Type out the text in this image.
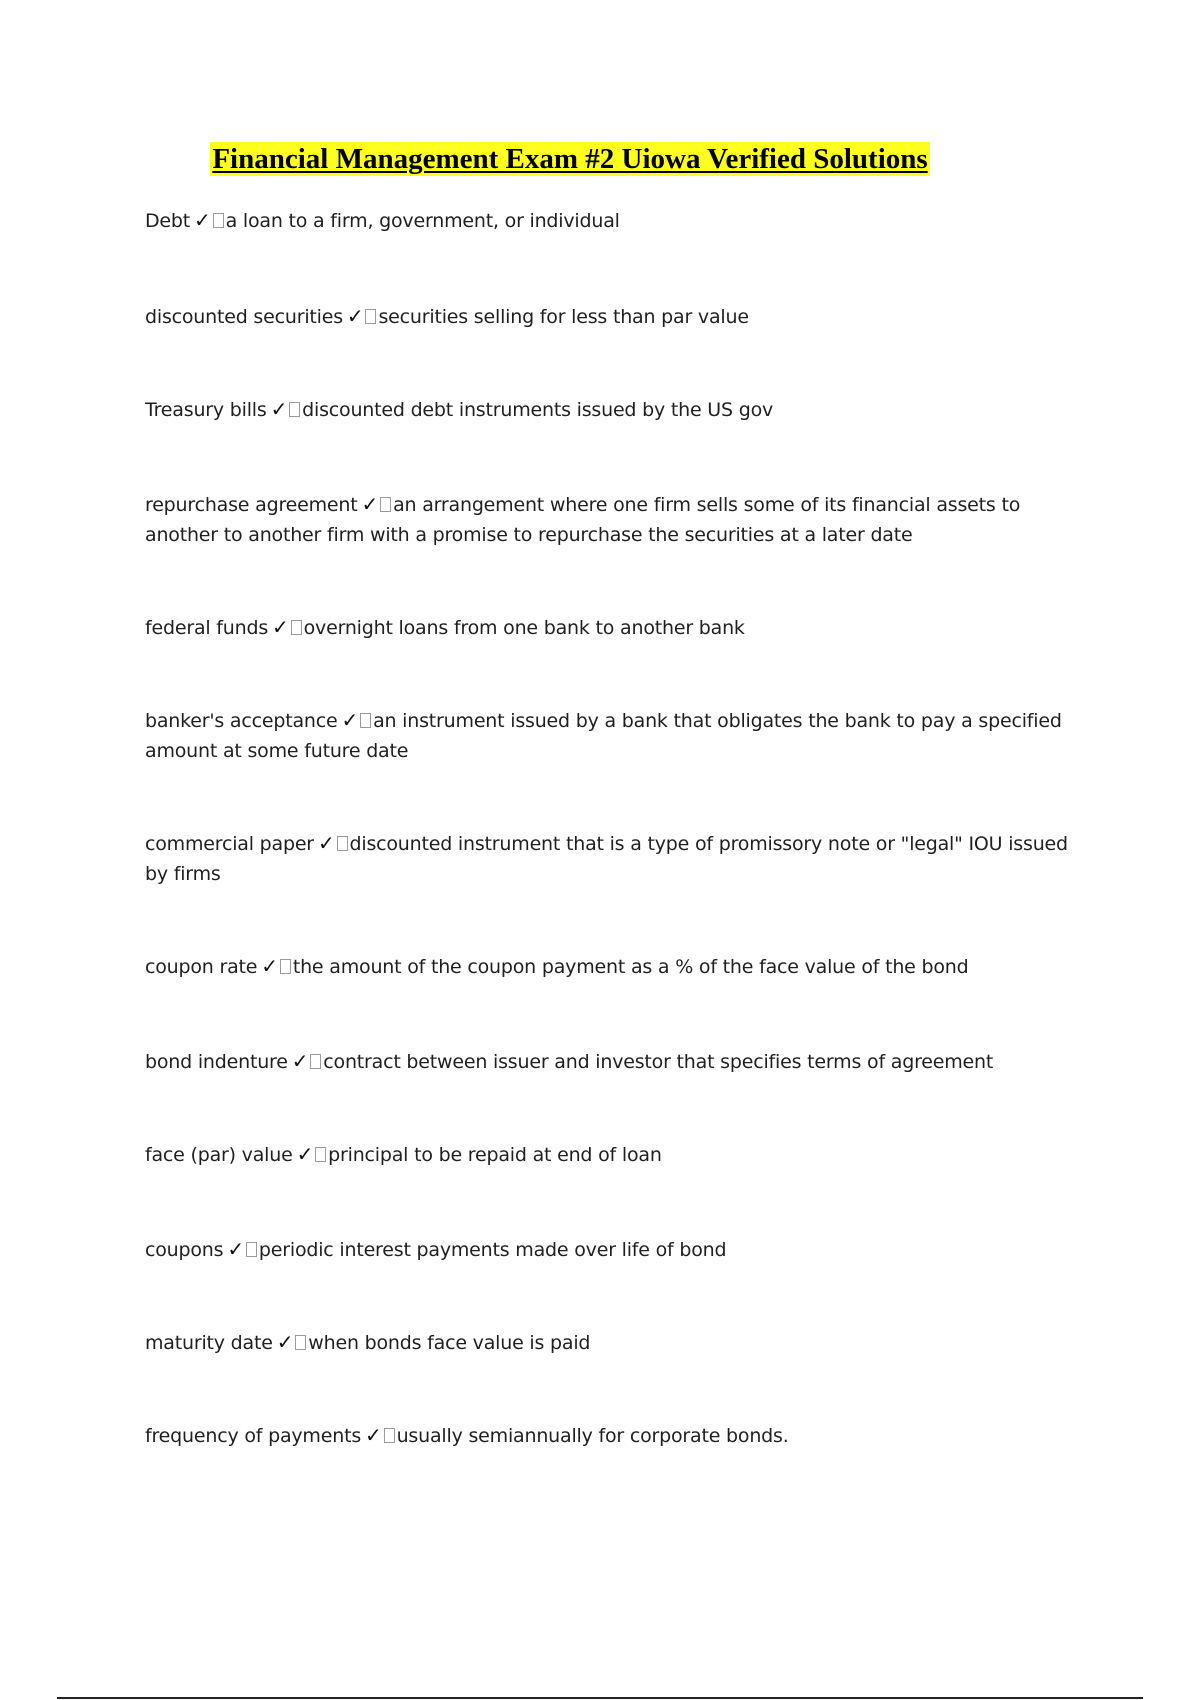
Financial Management Exam #2 Uiowa Verified Solutions
Debt ✓ a loan to a firm, government, or individual
discounted securities ✓ securities selling for less than par value
Treasury bills ✓ discounted debt instruments issued by the US gov
repurchase agreement ✓ an arrangement where one firm sells some of its financial assets to another to another firm with a promise to repurchase the securities at a later date
federal funds ✓ overnight loans from one bank to another bank
banker's acceptance ✓ an instrument issued by a bank that obligates the bank to pay a specified amount at some future date
commercial paper ✓ discounted instrument that is a type of promissory note or "legal" IOU issued by firms
coupon rate ✓ the amount of the coupon payment as a % of the face value of the bond
bond indenture ✓ contract between issuer and investor that specifies terms of agreement
face (par) value ✓ principal to be repaid at end of loan
coupons ✓ periodic interest payments made over life of bond
maturity date ✓ when bonds face value is paid
frequency of payments ✓ usually semiannually for corporate bonds.
